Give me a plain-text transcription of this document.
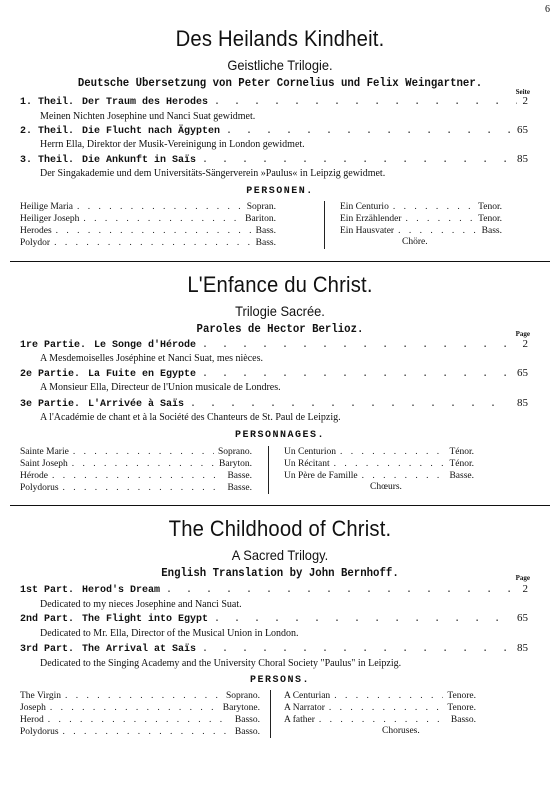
6
Des Heilands Kindheit.
Geistliche Trilogie.
Deutsche Übersetzung von Peter Cornelius und Felix Weingartner.
Seite
1. Theil. Der Traum des Herodes . . .	2
Meinen Nichten Josephine und Nanci Suat gewidmet.
2. Theil. Die Flucht nach Ägypten . . .	65
Herrn Ella, Direktor der Musik-Vereinigung in London gewidmet.
3. Theil. Die Ankunft in Saïs . . .	85
Der Singakademie und dem Universitäts-Sängerverein »Paulus« in Leipzig gewidmet.
PERSONEN.
Heilige Maria . . .	Sopran.
Heiliger Joseph . . .	Bariton.
Herodes . . .	Bass.
Polydor . . .	Bass.
Ein Centurio . . .	Tenor.
Ein Erzählender . . .	Tenor.
Ein Hausvater . . .	Bass.
Chöre.
L'Enfance du Christ.
Trilogie Sacrée.
Paroles de Hector Berlioz.	Page
1re Partie. Le Songe d'Hérode . . .	2
A Mesdemoiselles Joséphine et Nanci Suat, mes nièces.
2e Partie. La Fuite en Egypte . . .	65
A Monsieur Ella, Directeur de l'Union musicale de Londres.
3e Partie. L'Arrivée à Saïs . . .	85
A l'Académie de chant et à la Société des Chanteurs de St. Paul de Leipzig.
PERSONNAGES.
Sainte Marie . . .	Soprano.
Saint Joseph . . .	Baryton.
Hérode . . .	Basse.
Polydorus . . .	Basse.
Un Centurion . . .	Ténor.
Un Récitant . . .	Ténor.
Un Père de Famille . . .	Basse.
Chœurs.
The Childhood of Christ.
A Sacred Trilogy.
English Translation by John Bernhoff.	Page
1st Part. Herod's Dream . . .	2
Dedicated to my nieces Josephine and Nanci Suat.
2nd Part. The Flight into Egypt . . .	65
Dedicated to Mr. Ella, Director of the Musical Union in London.
3rd Part. The Arrival at Saïs . . .	85
Dedicated to the Singing Academy and the University Choral Society "Paulus" in Leipzig.
PERSONS.
The Virgin . . .	Soprano.
Joseph . . .	Barytone.
Herod . . .	Basso.
Polydorus . . .	Basso.
A Centurian . . .	Tenore.
A Narrator . . .	Tenore.
A father . . .	Basso.
Choruses.
